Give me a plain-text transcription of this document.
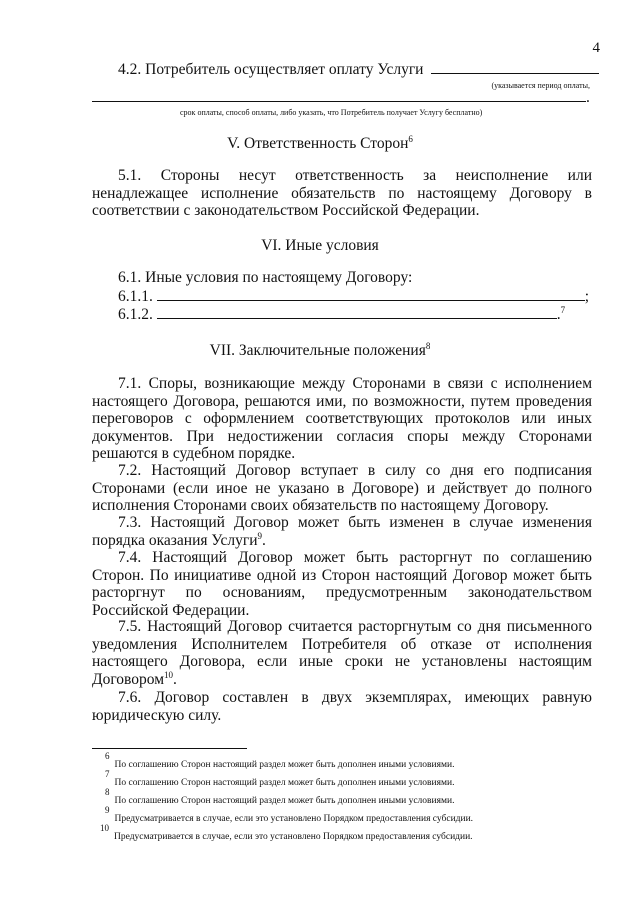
4
4.2. Потребитель осуществляет оплату Услуги
(указывается период оплаты,
.
срок оплаты, способ оплаты, либо указать, что Потребитель получает Услугу бесплатно)
V. Ответственность Сторон$^6$
5.1. Стороны несут ответственность за неисполнение или ненадлежащее исполнение обязательств по настоящему Договору в соответствии с законодательством Российской Федерации.
VI. Иные условия
6.1. Иные условия по настоящему Договору:
6.1.1.	;
6.1.2.	.$^7$
VII. Заключительные положения$^8$
7.1. Споры, возникающие между Сторонами в связи с исполнением настоящего Договора, решаются ими, по возможности, путем проведения переговоров с оформлением соответствующих протоколов или иных документов. При недостижении согласия споры между Сторонами решаются в судебном порядке.
7.2. Настоящий Договор вступает в силу со дня его подписания Сторонами (если иное не указано в Договоре) и действует до полного исполнения Сторонами своих обязательств по настоящему Договору.
7.3. Настоящий Договор может быть изменен в случае изменения порядка оказания Услуги$^9$.
7.4. Настоящий Договор может быть расторгнут по соглашению Сторон. По инициативе одной из Сторон настоящий Договор может быть расторгнут по основаниям, предусмотренным законодательством Российской Федерации.
7.5. Настоящий Договор считается расторгнутым со дня письменного уведомления Исполнителем Потребителя об отказе от исполнения настоящего Договора, если иные сроки не установлены настоящим Договором$^{10}$.
7.6. Договор составлен в двух экземплярах, имеющих равную юридическую силу.
$^6$По соглашению Сторон настоящий раздел может быть дополнен иными условиями.
$^7$По соглашению Сторон настоящий раздел может быть дополнен иными условиями.
$^8$По соглашению Сторон настоящий раздел может быть дополнен иными условиями.
$^9$Предусматривается в случае, если это установлено Порядком предоставления субсидии.
$^{10}$Предусматривается в случае, если это установлено Порядком предоставления субсидии.
